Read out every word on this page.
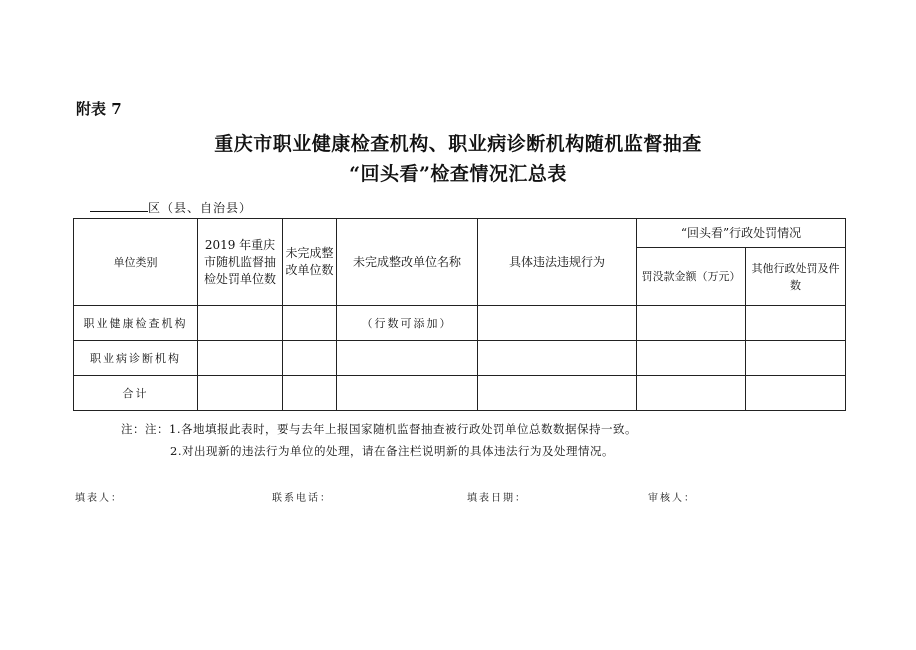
附表 7
重庆市职业健康检查机构、职业病诊断机构随机监督抽查
“回头看”检查情况汇总表
区（县、自治县）
单位类别	2019 年重庆市随机监督抽检处罚单位数	未完成整改单位数	未完成整改单位名称	具体违法违规行为	“回头看”行政处罚情况	
					罚没款金额（万元）	其他行政处罚及件数
职业健康检查机构			（行数可添加）			
职业病诊断机构						
合计						
注：注：1.各地填报此表时，要与去年上报国家随机监督抽查被行政处罚单位总数数据保持一致。
2.对出现新的违法行为单位的处理，请在备注栏说明新的具体违法行为及处理情况。
填表人：	联系电话：	填表日期：	审核人：
